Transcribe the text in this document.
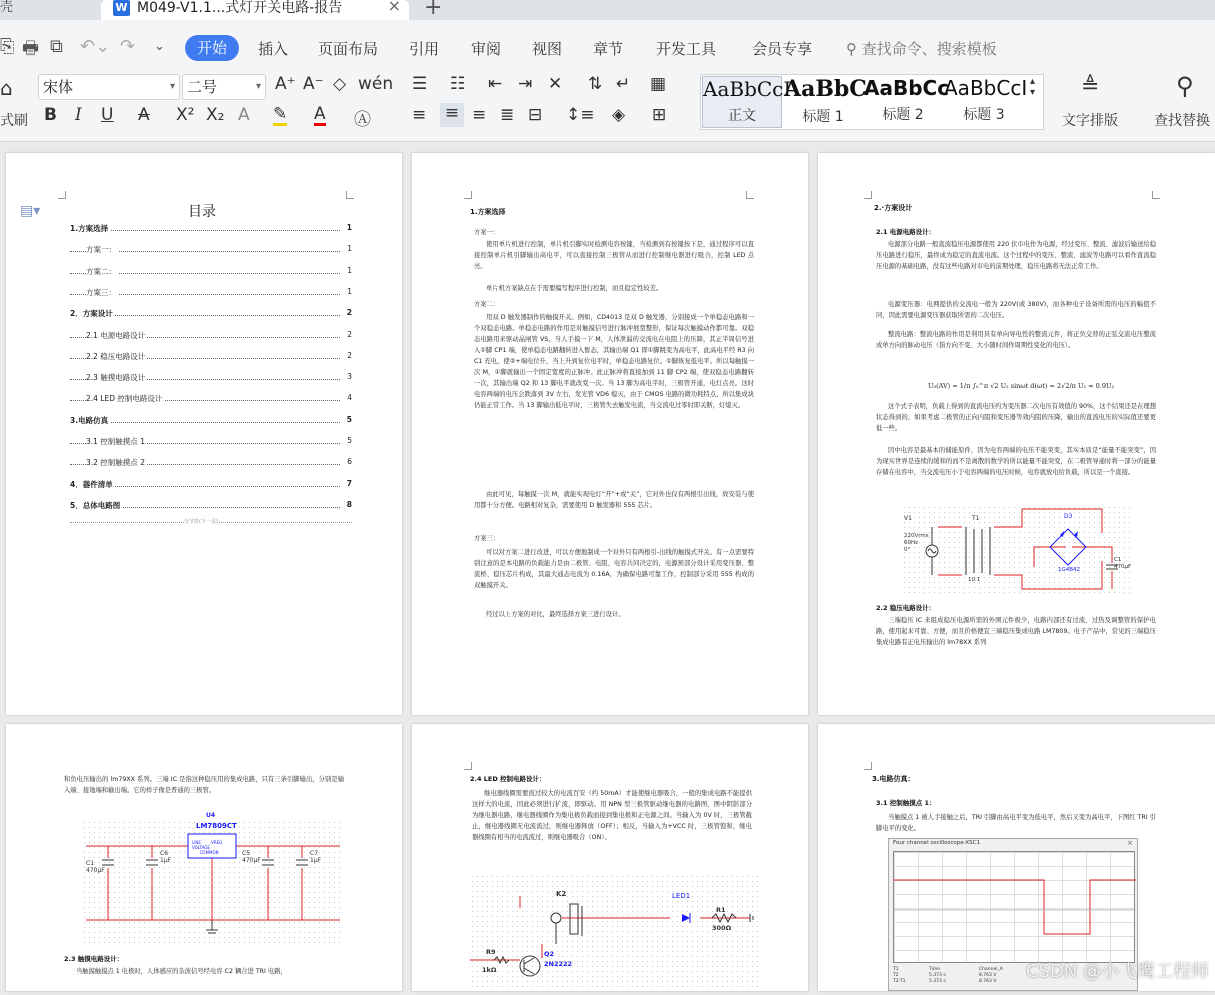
壳	W M049-V1.1...式灯开关电路-报告	× +
⎘ 🖶 ⧉ ↶⌄ ↷ ⌄	开始	插入 页面布局 引用 审阅 视图 章节 开发工具 会员专享 ⚲ 查找命令、搜索模板
⌂
式刷
宋体	▾ 二号	▾ A⁺ A⁻ ◇ wén
B I U A X² X₂ A ✎ A Ⓐ
☰ ☷ ⇤ ⇥ ✕ ⇅ ↵ ▦
≡ ≡ ≡ ≣ ⊟ ↕≡ ◈ ⊞
AaBbCcI
正文
AaBbC
标题 1
AaBbCc
标题 2
AaBbCcI
标题 3
▴
▾ ≜
文字排版
⚲
查找替换
▤▾	目录
1.方案选择	1
方案一：	1
方案二：	1
方案三：	1
2．方案设计	2
2.1 电源电路设计	2
2.2 稳压电路设计	2
2.3 触摸电路设计	3
2.4 LED 控制电路设计	4
3.电路仿真	5
3.1 控制触摸点 1	5
3.2 控制触摸点 2	6
4．器件清单	7
5．总体电路图	8
分节符(下一页)
1.方案选择
方案一：
使用单片机进行控制，单片机引脚实时检测电容按键，当检测到有按键按下是，通过程序可以直接控制单片机引脚输出高电平，可以直接控制三极管从而进行控制继电器进行吸合，控制 LED 点亮。
单片机方案缺点在于需要编写程序进行控制，而且稳定性较差。
方案二：
用双 D 触发器制作的触摸开关。例如，CD4013 是双 D 触发器，分别接成一个单稳态电路和一个双稳态电路。单稳态电路的作用是对触摸信号进行脉冲展宽整形，保证每次触摸动作都可靠。双稳态电路用来驱动晶闸管 VS。当人手摸一下 M，人体泄漏的交流电在电阻上的压降，其正半周信号进入①脚 CP1 端，使单稳态电路翻转进入暂态，其输出端 Q1 即①脚跳变为高电平，此高电平经 R3 向 C1 充电，使②+端电位升，当上升到复位电平时，单稳态电路复位。①脚恢复低电平。所以每触摸一次 M，①脚就输出一个固定宽度的正脉冲。此正脉冲将直接加到 11 脚 CP2 端，使双稳态电路翻转一次，其输出端 Q2 和 13 脚电平就改变一次。当 13 脚为高电平时，三极管开通，电灯点亮。这时电容两端的电压会跌落到 3V 左右，发光管 VD6 熄灭，由于 CMOS 电路的微功耗特点，所以集成块仍能正常工作。当 13 脚输出低电平时，三极管失去触发电流，当交流电过零时即关断，灯熄灭。
由此可见，每触摸一次 M，就能实现电灯“开”+或“关”，它对外也仅有两根引出线，故安装与使用都十分方便。电路相对复杂，需要使用 D 触发器和 555 芯片。
方案三：
可以对方案二进行改进，可以方便地制成一个对外只有两根引-出线的触摸式开关。有一点需要特别注意的是本电路的负载能力是由二极管、电阻、电容共同决定的，电源预部分设计采用变压器、整流桥、稳压芯片构成，其最大通态电流为 0.16A，为确保电路可靠工作，控制部分采用 555 构成的双触摸开关。
经过以上方案的对比，最终选择方案三进行设计。
2.·方案设计
2.1 电源电路设计：
电源部分电路一般直流稳压电源都使用 220 伏市电作为电源，经过变压、整流、滤波后输送给稳压电路进行稳压，最终成为稳定的直流电流。这个过程中的变压、整流、滤波等电路可以看作直流稳压电源的基础电路，没有这些电路对市电的前期处理，稳压电路将无法正常工作。
电源变压器：电网提供的交流电一般为 220V(或 380V)，而各种电子设备所需的电压的幅值不同，因此需要电源变压器获取所需的二次电压。
整流电路：整流电路的作用是利用具有单向导电性的整流元件，将正负交替的正弦交流电压整流成单方向的脉动电压（指方向不变、大小随时间作周期性变化的电压）。
U₀(AV) = 1/π ∫₀^π √2 U₂ sinωt d(ωt) = 2√2/π U₂ ≈ 0.9U₂
这个式子表明，负载上得到的直流电压约为变压器二次电压有效值的 90%，这个结果还是在理想状态得到的，如果考虑二极管的正向内阻和变压器等效内阻的压降，输出的直流电压的实际值还要更低一些。
因中电容是最基本的储能原件，因为电容两端的电压不能突变，其实本质是“能量不能突变”，因为现实世界是连续的缓和的而不是离散的数学的所以能量不能突变，在二极管导通时将一部分的能量存储在电容中，当交流电压小于电容两端的电压时候，电容就放电给负载，所以是一个直接。
V1
220Vrms
60Hz
0°
T1
10:1
D3
1G4B42
C1
470µF
2.2 稳压电路设计：
三端稳压 IC 来组成稳压电源所需的外围元件极少，电路内部还有过流、过热及调整管的保护电路，使用起来可靠、方便，而且价格便宜三端稳压集成电路 LM7809。电子产品中，常见的三端稳压集成电路有正电压输出的 lm78XX 系列
和负电压输出的 lm79XX 系列。三端 IC 是指这种稳压用的集成电路，只有三条引脚输出，分别是输入端、接地端和输出端。它的样子像是普通的三极管。
U4
LM7809CT
LINE	VREG
VOLTAGE
COMMON
C1
470µF
C6
1µF
C5
470µF
C7
1µF
2.3 触摸电路设计：
当触摸触摸点 1 电极时，人体感应的杂波信号经电容 C2 耦合进 TRI 电路，
2.4 LED 控制电路设计：
继电器线圈需要流过较大的电流百安（约 50mA）才能使继电器吸合，一般的集成电路不能提供这样大的电流，因此必须进行扩流，即驱动。用 NPN 型三极管驱动继电器的电路图，图中阴影部分为继电器电路，继电器线圈作为集电极负载而接到集电极和正电源之间。当输入为 0V 时，三极管截止，继电器线圈无电流流过，则继电器释放（OFF）；相反，当输入为+VCC 时，三极管饱和，继电器线圈有相当的电流流过，则继电器吸合（ON）。
K2	LED1
R1
300Ω
R9
1kΩ
Q2
2N2222
3.电路仿真：
3.1 控制触摸点 1：
当触摸点 1 被人手接触之后，TRI 引脚由高电平变为低电平，然后又变为高电平，下图红 TRI 引脚电平的变化。
Four channel oscilloscope-XSC1	×
T1	Time	Channel_A
T2	5.373 s	8.763 V
T2-T1	5.373 s	8.763 V	CSDN @小飞鹰工程师
